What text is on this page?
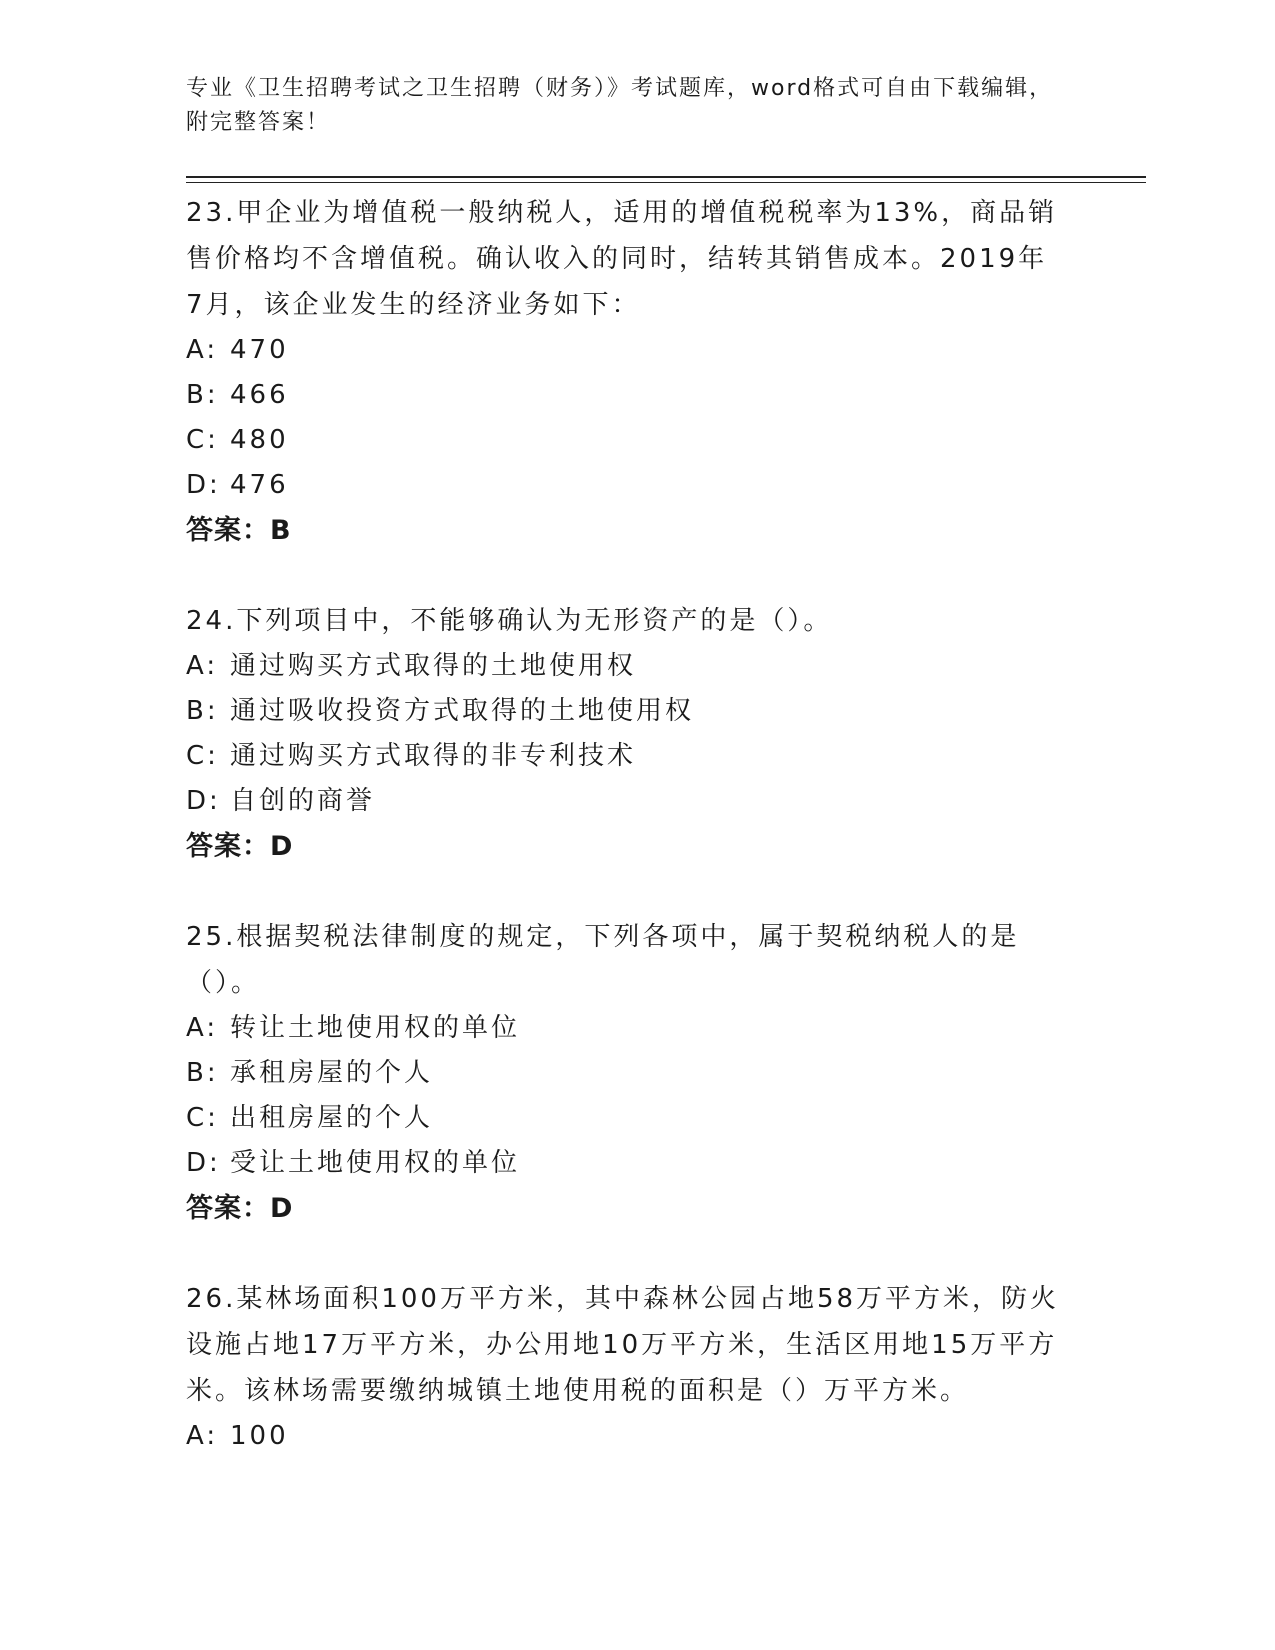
专业《卫生招聘考试之卫生招聘（财务）》考试题库，word格式可自由下载编辑，附完整答案！

23.甲企业为增值税一般纳税人，适用的增值税税率为13%，商品销售价格均不含增值税。确认收入的同时，结转其销售成本。2019年7月，该企业发生的经济业务如下：

A: 470

B: 466

C: 480

D: 476

答案：B

24.下列项目中，不能够确认为无形资产的是（）。

A: 通过购买方式取得的土地使用权

B: 通过吸收投资方式取得的土地使用权

C: 通过购买方式取得的非专利技术

D: 自创的商誉

答案：D

25.根据契税法律制度的规定，下列各项中，属于契税纳税人的是（）。

A: 转让土地使用权的单位

B: 承租房屋的个人

C: 出租房屋的个人

D: 受让土地使用权的单位

答案：D

26.某林场面积100万平方米，其中森林公园占地58万平方米，防火设施占地17万平方米，办公用地10万平方米，生活区用地15万平方米。该林场需要缴纳城镇土地使用税的面积是（）万平方米。

A: 100
